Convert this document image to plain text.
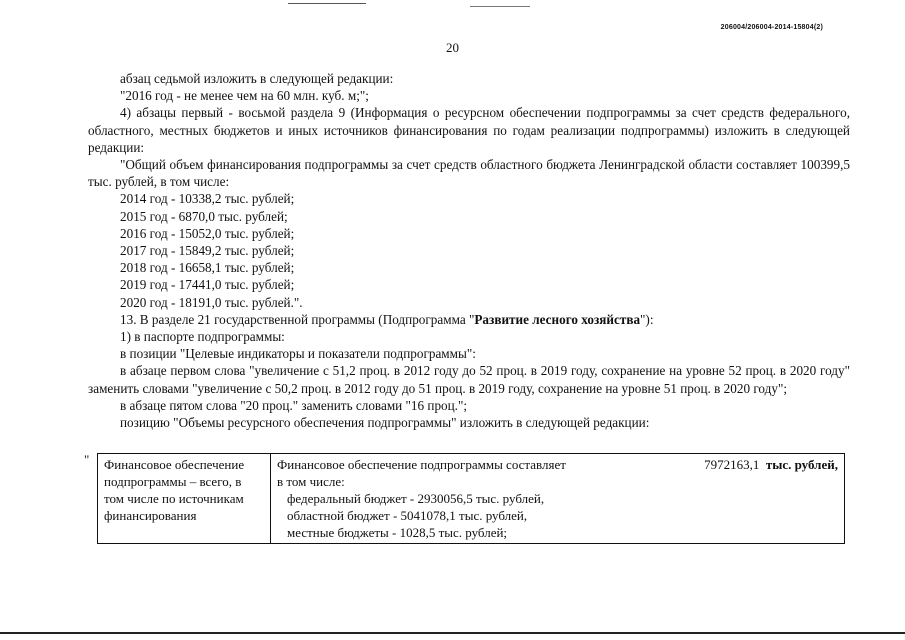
206004/206004-2014-15804(2)
20

абзац седьмой изложить в следующей редакции:

"2016 год - не менее чем на 60 млн. куб. м;";

4) абзацы первый - восьмой раздела 9 (Информация о ресурсном обеспечении подпрограммы за счет средств федерального, областного, местных бюджетов и иных источников финансирования по годам реализации подпрограммы) изложить в следующей редакции:

"Общий объем финансирования подпрограммы за счет средств областного бюджета Ленинградской области составляет 100399,5 тыс. рублей, в том числе:

2014 год - 10338,2 тыс. рублей;

2015 год - 6870,0 тыс. рублей;

2016 год - 15052,0 тыс. рублей;

2017 год - 15849,2 тыс. рублей;

2018 год - 16658,1 тыс. рублей;

2019 год - 17441,0 тыс. рублей;

2020 год - 18191,0 тыс. рублей.".

13. В разделе 21 государственной программы (Подпрограмма "Развитие лесного хозяйства"):

1) в паспорте подпрограммы:

в позиции "Целевые индикаторы и показатели подпрограммы":

в абзаце первом слова "увеличение с 51,2 проц. в 2012 году до 52 проц. в 2019 году, сохранение на уровне 52 проц. в 2020 году" заменить словами "увеличение с 50,2 проц. в 2012 году до 51 проц. в 2019 году, сохранение на уровне 51 проц. в 2020 году";

в абзаце пятом слова "20 проц." заменить словами "16 проц.";

позицию "Объемы ресурсного обеспечения подпрограммы" изложить в следующей редакции:

" Финансовое обеспечение подпрограммы – всего, в том числе по источникам финансирования	
Финансовое обеспечение подпрограммы составляет	7972163,1 тыс. рублей,
в том числе:
федеральный бюджет - 2930056,5 тыс. рублей,
областной бюджет - 5041078,1 тыс. рублей,
местные бюджеты - 1028,5 тыс. рублей;
